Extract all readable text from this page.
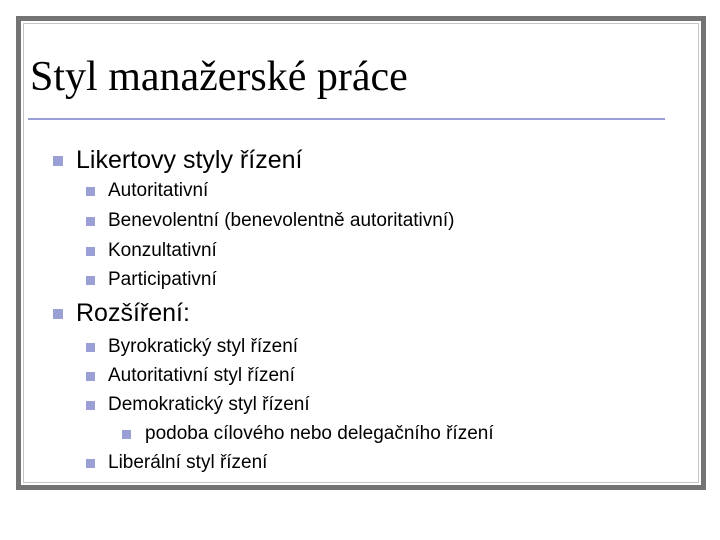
Styl manažerské práce
Likertovy styly řízení
Autoritativní
Benevolentní (benevolentně autoritativní)
Konzultativní
Participativní
Rozšíření:
Byrokratický styl řízení
Autoritativní styl řízení
Demokratický styl řízení
podoba cílového nebo delegačního řízení
Liberální styl řízení
